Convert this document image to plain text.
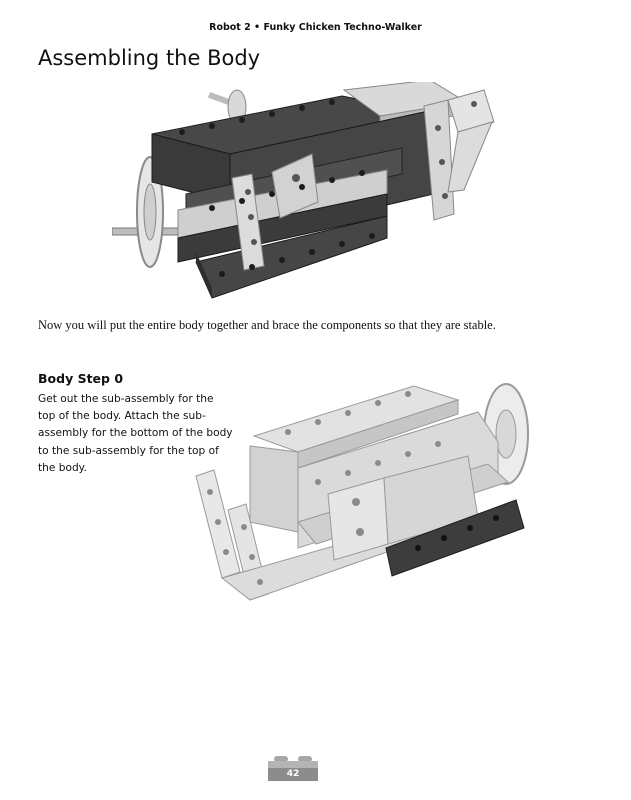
Robot 2 • Funky Chicken Techno-Walker
Assembling the Body

Now you will put the entire body together and brace the components so that they are stable.

Body Step 0

Get out the sub-assembly for the
top of the body. Attach the sub-
assembly for the bottom of the body
to the sub-assembly for the top of
the body.

42
